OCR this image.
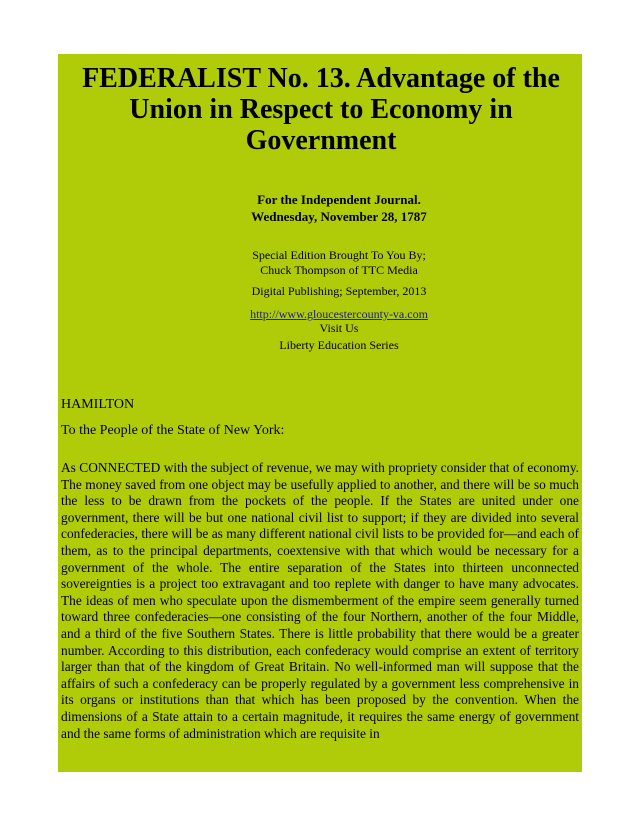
FEDERALIST No. 13. Advantage of the Union in Respect to Economy in Government
For the Independent Journal.
Wednesday, November 28, 1787
Special Edition Brought To You By;
Chuck Thompson of TTC Media
Digital Publishing; September, 2013
http://www.gloucestercounty-va.com
Visit Us
Liberty Education Series
HAMILTON
To the People of the State of New York:

As CONNECTED with the subject of revenue, we may with propriety consider that of economy. The money saved from one object may be usefully applied to another, and there will be so much the less to be drawn from the pockets of the people. If the States are united under one government, there will be but one national civil list to support; if they are divided into several confederacies, there will be as many different national civil lists to be provided for—and each of them, as to the principal departments, coextensive with that which would be necessary for a government of the whole. The entire separation of the States into thirteen unconnected sovereignties is a project too extravagant and too replete with danger to have many advocates. The ideas of men who speculate upon the dismemberment of the empire seem generally turned toward three confederacies—one consisting of the four Northern, another of the four Middle, and a third of the five Southern States. There is little probability that there would be a greater number. According to this distribution, each confederacy would comprise an extent of territory larger than that of the kingdom of Great Britain. No well-informed man will suppose that the affairs of such a confederacy can be properly regulated by a government less comprehensive in its organs or institutions than that which has been proposed by the convention. When the dimensions of a State attain to a certain magnitude, it requires the same energy of government and the same forms of administration which are requisite in
